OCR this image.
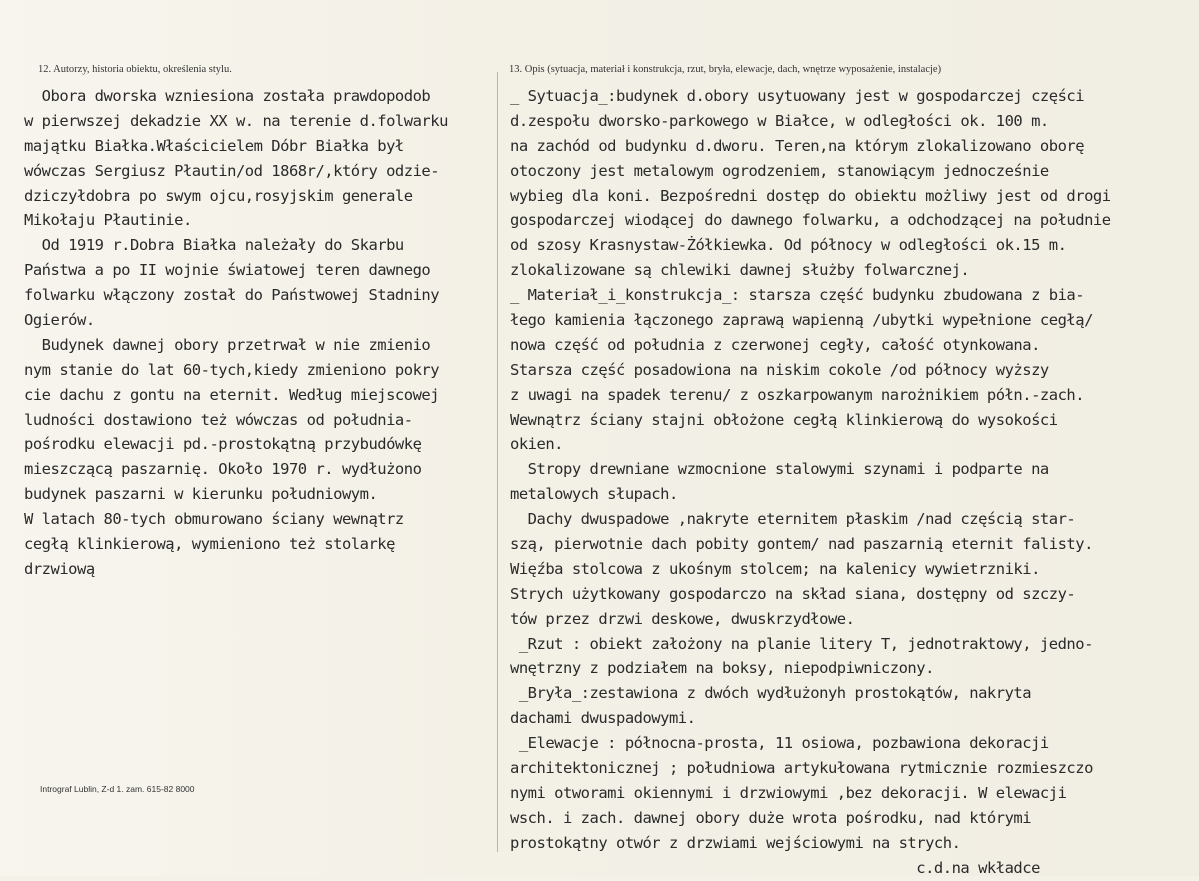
12. Autorzy, historia obiektu, określenia stylu.	13. Opis (sytuacja, materiał i konstrukcja, rzut, bryła, elewacje, dach, wnętrze wyposażenie, instalacje)
Obora dworska wzniesiona została prawdopodob
w pierwszej dekadzie XX w. na terenie d.folwarku
majątku Białka.Właścicielem Dóbr Białka był
wówczas Sergiusz Płautin/od 1868r/,który odzie-
dziczyłdobra po swym ojcu,rosyjskim generale
Mikołaju Płautinie.
Od 1919 r.Dobra Białka należały do Skarbu
Państwa a po II wojnie światowej teren dawnego
folwarku włączony został do Państwowej Stadniny
Ogierów.
Budynek dawnej obory przetrwał w nie zmienio
nym stanie do lat 60-tych,kiedy zmieniono pokry
cie dachu z gontu na eternit. Według miejscowej
ludności dostawiono też wówczas od południa-
pośrodku elewacji pd.-prostokątną przybudówkę
mieszczącą paszarnię. Około 1970 r. wydłużono
budynek paszarni w kierunku południowym.
W latach 80-tych obmurowano ściany wewnątrz
cegłą klinkierową, wymieniono też stolarkę
drzwiową
_ Sytuacja_:budynek d.obory usytuowany jest w gospodarczej części
d.zespołu dworsko-parkowego w Białce, w odległości ok. 100 m.
na zachód od budynku d.dworu. Teren,na którym zlokalizowano oborę
otoczony jest metalowym ogrodzeniem, stanowiącym jednocześnie
wybieg dla koni. Bezpośredni dostęp do obiektu możliwy jest od drogi
gospodarczej wiodącej do dawnego folwarku, a odchodzącej na południe
od szosy Krasnystaw-Żółkiewka. Od północy w odległości ok.15 m.
zlokalizowane są chlewiki dawnej służby folwarcznej.
_ Materiał_i_konstrukcja_: starsza część budynku zbudowana z bia-
łego kamienia łączonego zaprawą wapienną /ubytki wypełnione cegłą/
nowa część od południa z czerwonej cegły, całość otynkowana.
Starsza część posadowiona na niskim cokole /od północy wyższy
z uwagi na spadek terenu/ z oszkarpowanym narożnikiem półn.-zach.
Wewnątrz ściany stajni obłożone cegłą klinkierową do wysokości
okien.
Stropy drewniane wzmocnione stalowymi szynami i podparte na
metalowych słupach.
Dachy dwuspadowe ,nakryte eternitem płaskim /nad częścią star-
szą, pierwotnie dach pobity gontem/ nad paszarnią eternit falisty.
Więźba stolcowa z ukośnym stolcem; na kalenicy wywietrzniki.
Strych użytkowany gospodarczo na skład siana, dostępny od szczy-
tów przez drzwi deskowe, dwuskrzydłowe.
_Rzut : obiekt założony na planie litery T, jednotraktowy, jedno-
wnętrzny z podziałem na boksy, niepodpiwniczony.
_Bryła_:zestawiona z dwóch wydłużonyh prostokątów, nakryta
dachami dwuspadowymi.
_Elewacje : północna-prosta, 11 osiowa, pozbawiona dekoracji
architektonicznej ; południowa artykułowana rytmicznie rozmieszczo
nymi otworami okiennymi i drzwiowymi ,bez dekoracji. W elewacji
wsch. i zach. dawnej obory duże wrota pośrodku, nad którymi
prostokątny otwór z drzwiami wejściowymi na strych.
c.d.na wkładce
Intrograf Lublin, Z-d 1. zam. 615-82 8000
